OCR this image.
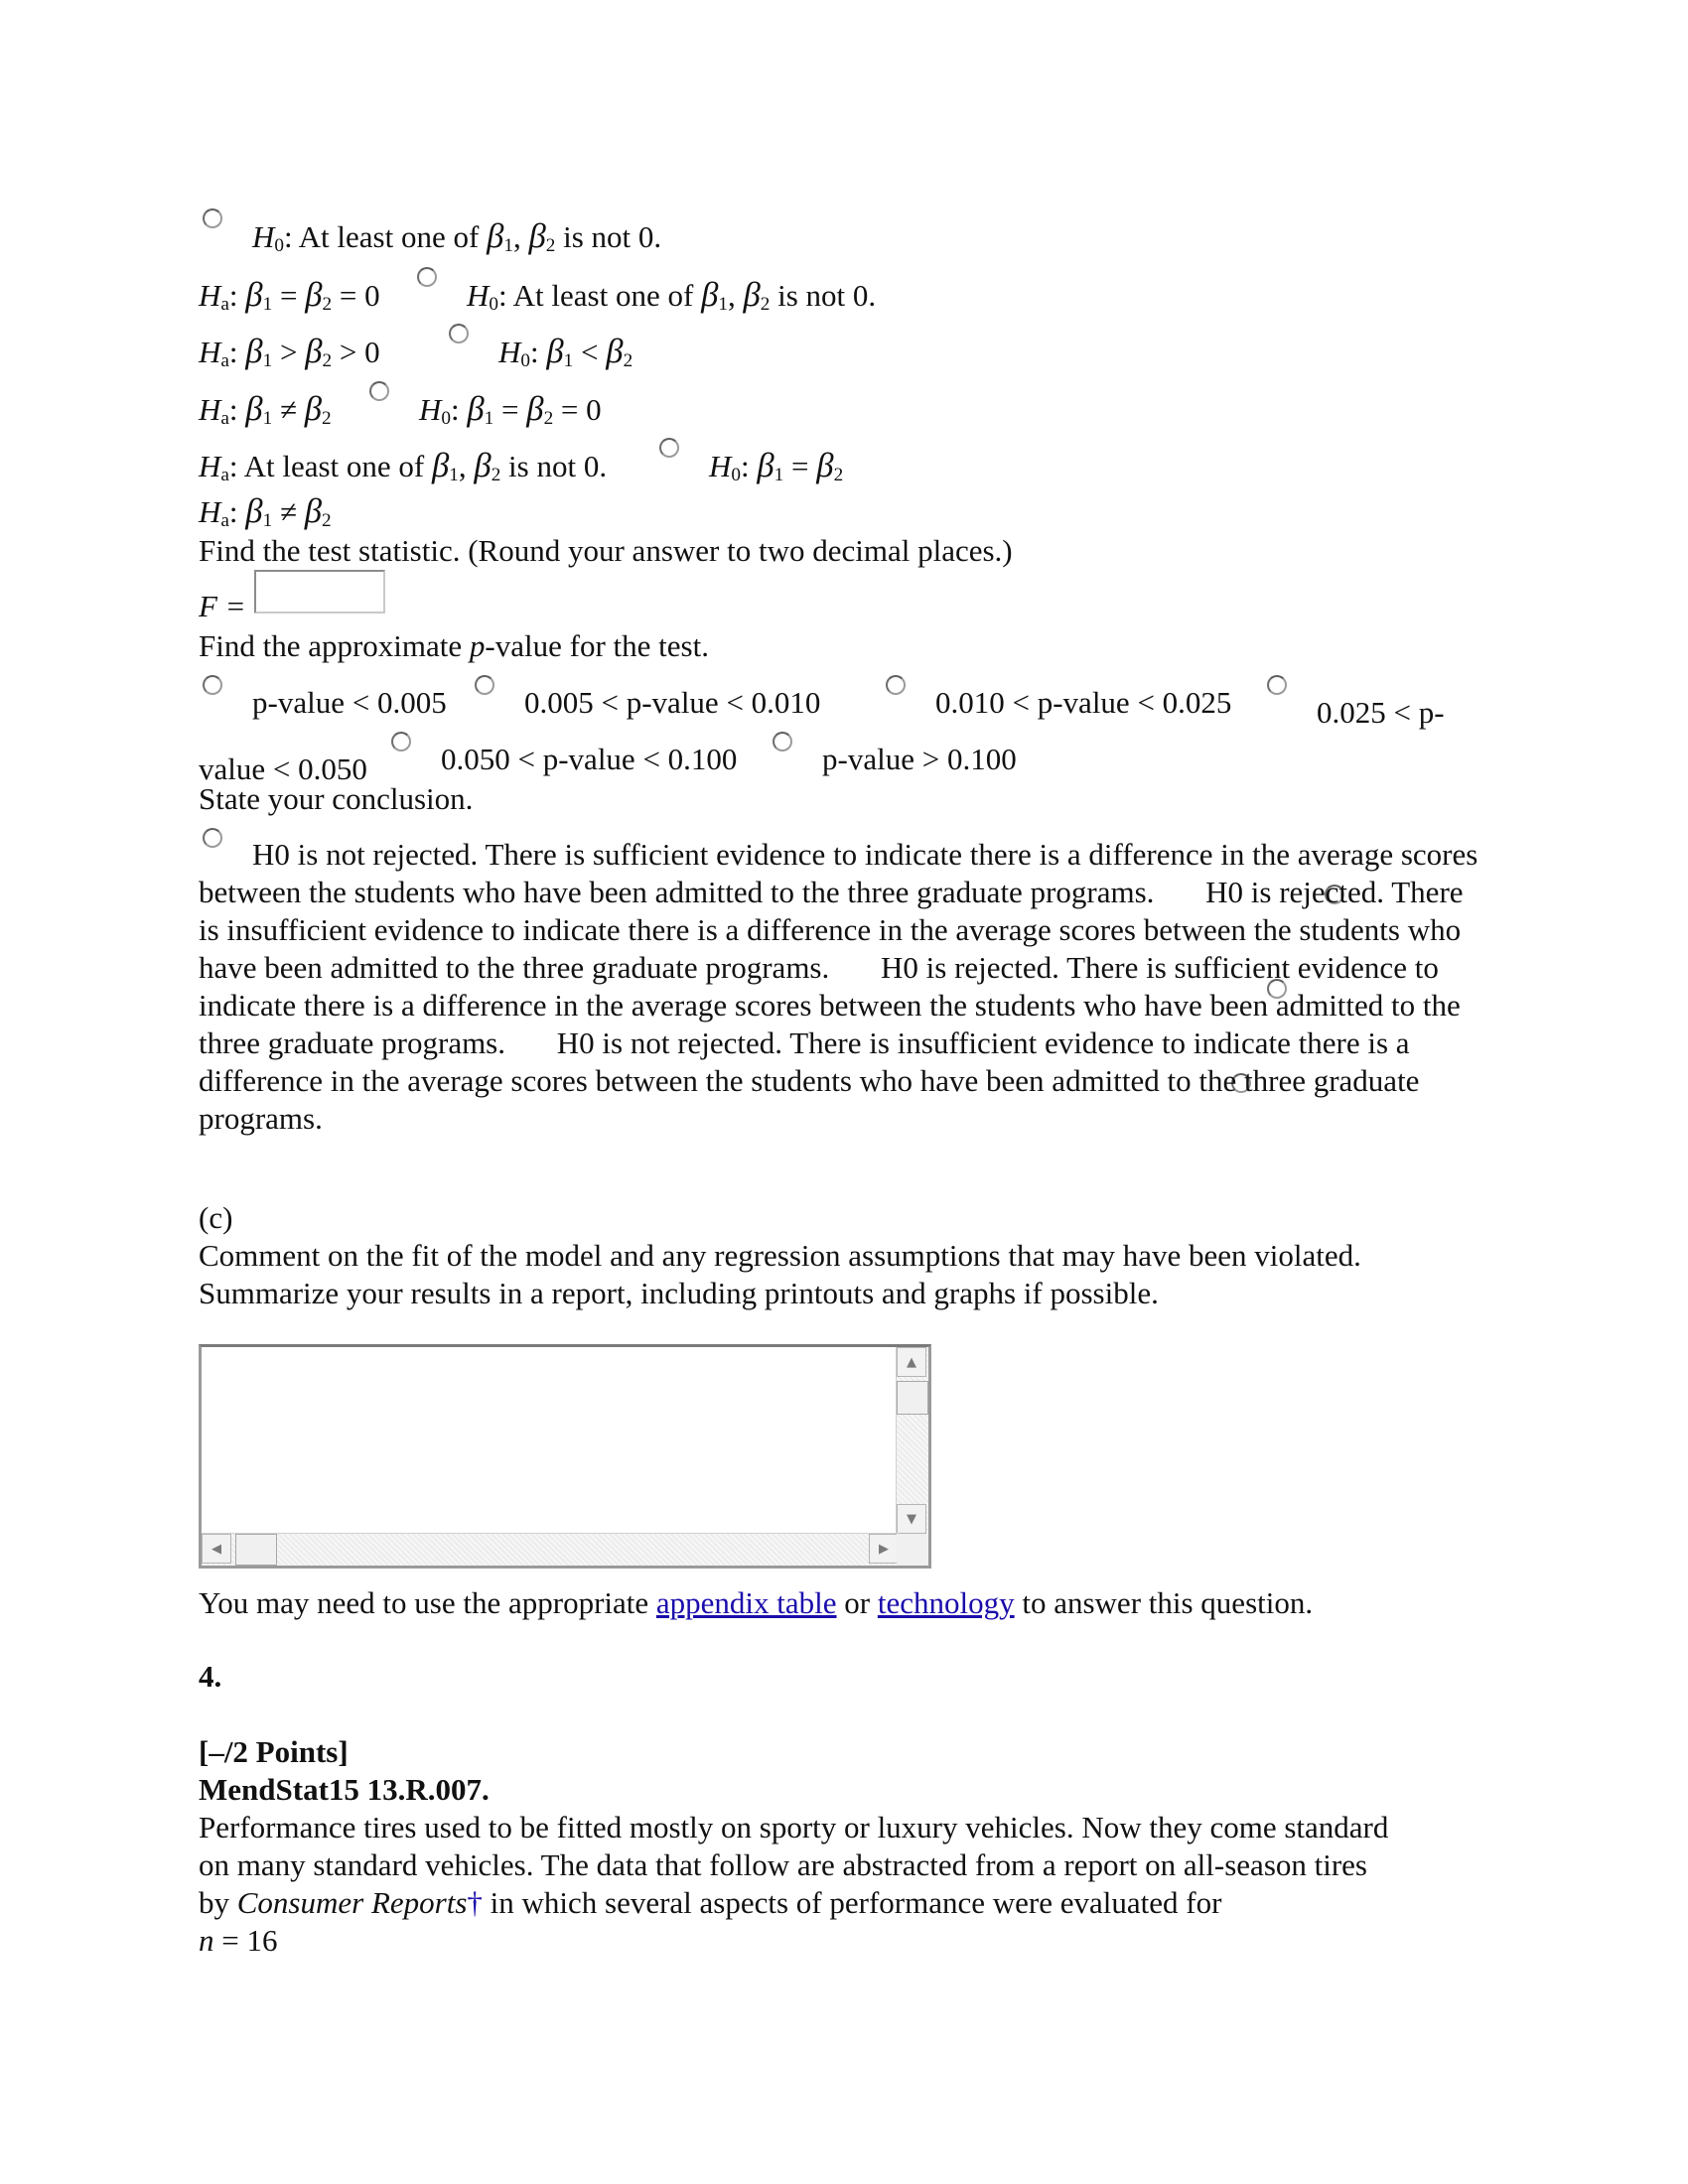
$H_0$: At least one of $\beta_1$, $\beta_2$ is not 0.
$H_a$: $\beta_1 = \beta_2 = 0$	$H_0$: At least one of $\beta_1$, $\beta_2$ is not 0.
$H_a$: $\beta_1 > \beta_2 > 0$	$H_0$: $\beta_1 < \beta_2$
$H_a$: $\beta_1 \ne \beta_2$	$H_0$: $\beta_1 = \beta_2 = 0$
$H_a$: At least one of $\beta_1$, $\beta_2$ is not 0.	$H_0$: $\beta_1 = \beta_2$
$H_a$: $\beta_1 \ne \beta_2$
Find the test statistic. (Round your answer to two decimal places.)
F =
Find the approximate p-value for the test.
p-value < 0.005	0.005 < p-value < 0.010	0.010 < p-value < 0.025	0.025 < p-value < 0.050	0.050 < p-value < 0.100	p-value > 0.100
State your conclusion.
H0 is not rejected. There is sufficient evidence to indicate there is a difference in the average scores between the students who have been admitted to the three graduate programs. H0 is rejected. There is insufficient evidence to indicate there is a difference in the average scores between the students who have been admitted to the three graduate programs. H0 is rejected. There is sufficient evidence to indicate there is a difference in the average scores between the students who have been admitted to the three graduate programs. H0 is not rejected. There is insufficient evidence to indicate there is a difference in the average scores between the students who have been admitted to the three graduate programs.
(c)
Comment on the fit of the model and any regression assumptions that may have been violated.
Summarize your results in a report, including printouts and graphs if possible.
▲
▼
◀	▶
You may need to use the appropriate appendix table or technology to answer this question.
4.
[–/2 Points]
MendStat15 13.R.007.
Performance tires used to be fitted mostly on sporty or luxury vehicles. Now they come standard
on many standard vehicles. The data that follow are abstracted from a report on all-season tires
by Consumer Reports† in which several aspects of performance were evaluated for
n = 16
